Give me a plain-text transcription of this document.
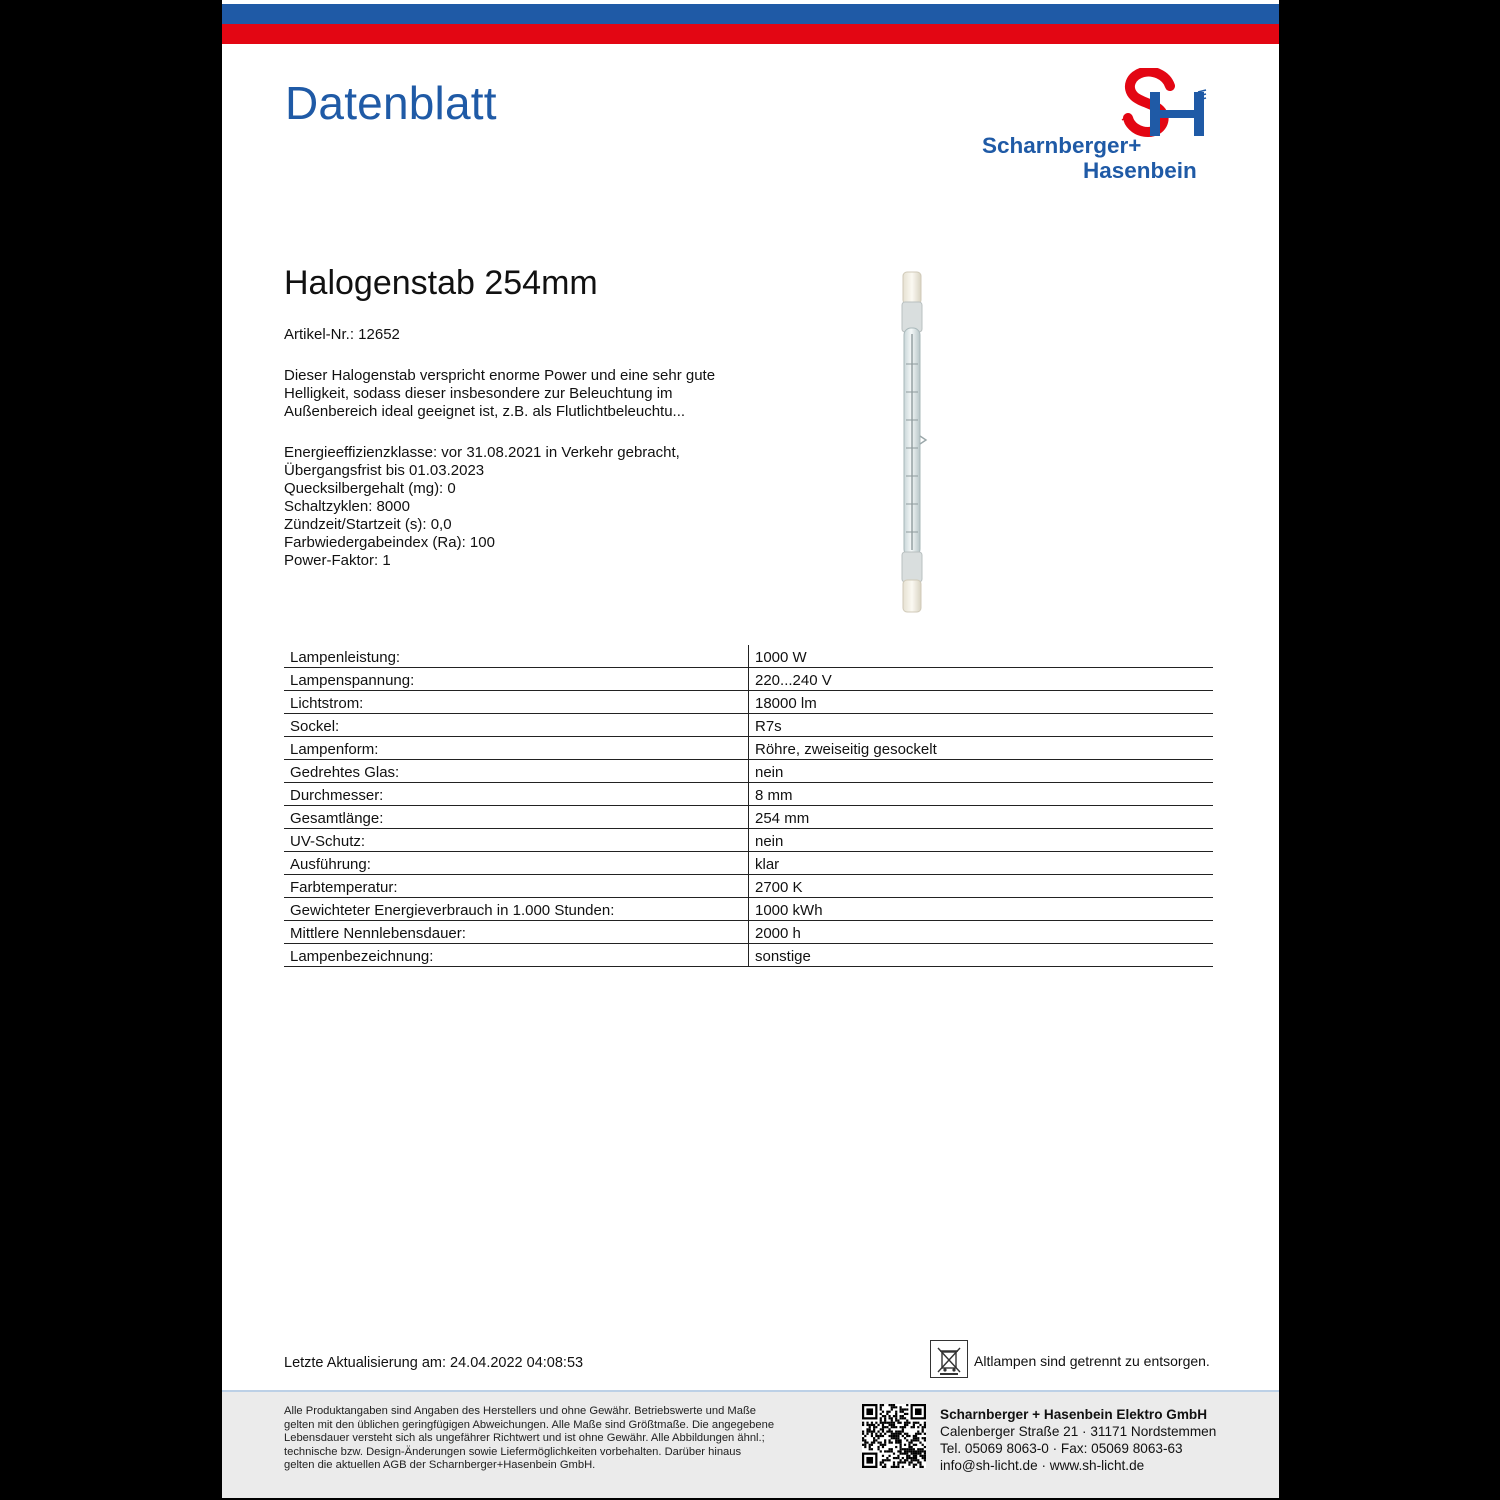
Datenblatt
Scharnberger+
Hasenbein
Halogenstab 254mm
Artikel-Nr.: 12652
Dieser Halogenstab verspricht enorme Power und eine sehr gute
Helligkeit, sodass dieser insbesondere zur Beleuchtung im
Außenbereich ideal geeignet ist, z.B. als Flutlichtbeleuchtu...
Energieeffizienzklasse: vor 31.08.2021 in Verkehr gebracht,
Übergangsfrist bis 01.03.2023
Quecksilbergehalt (mg): 0
Schaltzyklen: 8000
Zündzeit/Startzeit (s): 0,0
Farbwiedergabeindex (Ra): 100
Power-Faktor: 1
Lampenleistung:	1000 W
Lampenspannung:	220...240 V
Lichtstrom:	18000 lm
Sockel:	R7s
Lampenform:	Röhre, zweiseitig gesockelt
Gedrehtes Glas:	nein
Durchmesser:	8 mm
Gesamtlänge:	254 mm
UV-Schutz:	nein
Ausführung:	klar
Farbtemperatur:	2700 K
Gewichteter Energieverbrauch in 1.000 Stunden:	1000 kWh
Mittlere Nennlebensdauer:	2000 h
Lampenbezeichnung:	sonstige
Letzte Aktualisierung am: 24.04.2022 04:08:53	Altlampen sind getrennt zu entsorgen.
Alle Produktangaben sind Angaben des Herstellers und ohne Gewähr. Betriebswerte und Maße
gelten mit den üblichen geringfügigen Abweichungen. Alle Maße sind Größtmaße. Die angegebene
Lebensdauer versteht sich als ungefährer Richtwert und ist ohne Gewähr. Alle Abbildungen ähnl.;
technische bzw. Design-Änderungen sowie Liefermöglichkeiten vorbehalten. Darüber hinaus
gelten die aktuellen AGB der Scharnberger+Hasenbein GmbH.
Scharnberger + Hasenbein Elektro GmbH
Calenberger Straße 21 · 31171 Nordstemmen
Tel. 05069 8063-0 · Fax: 05069 8063-63
info@sh-licht.de · www.sh-licht.de
